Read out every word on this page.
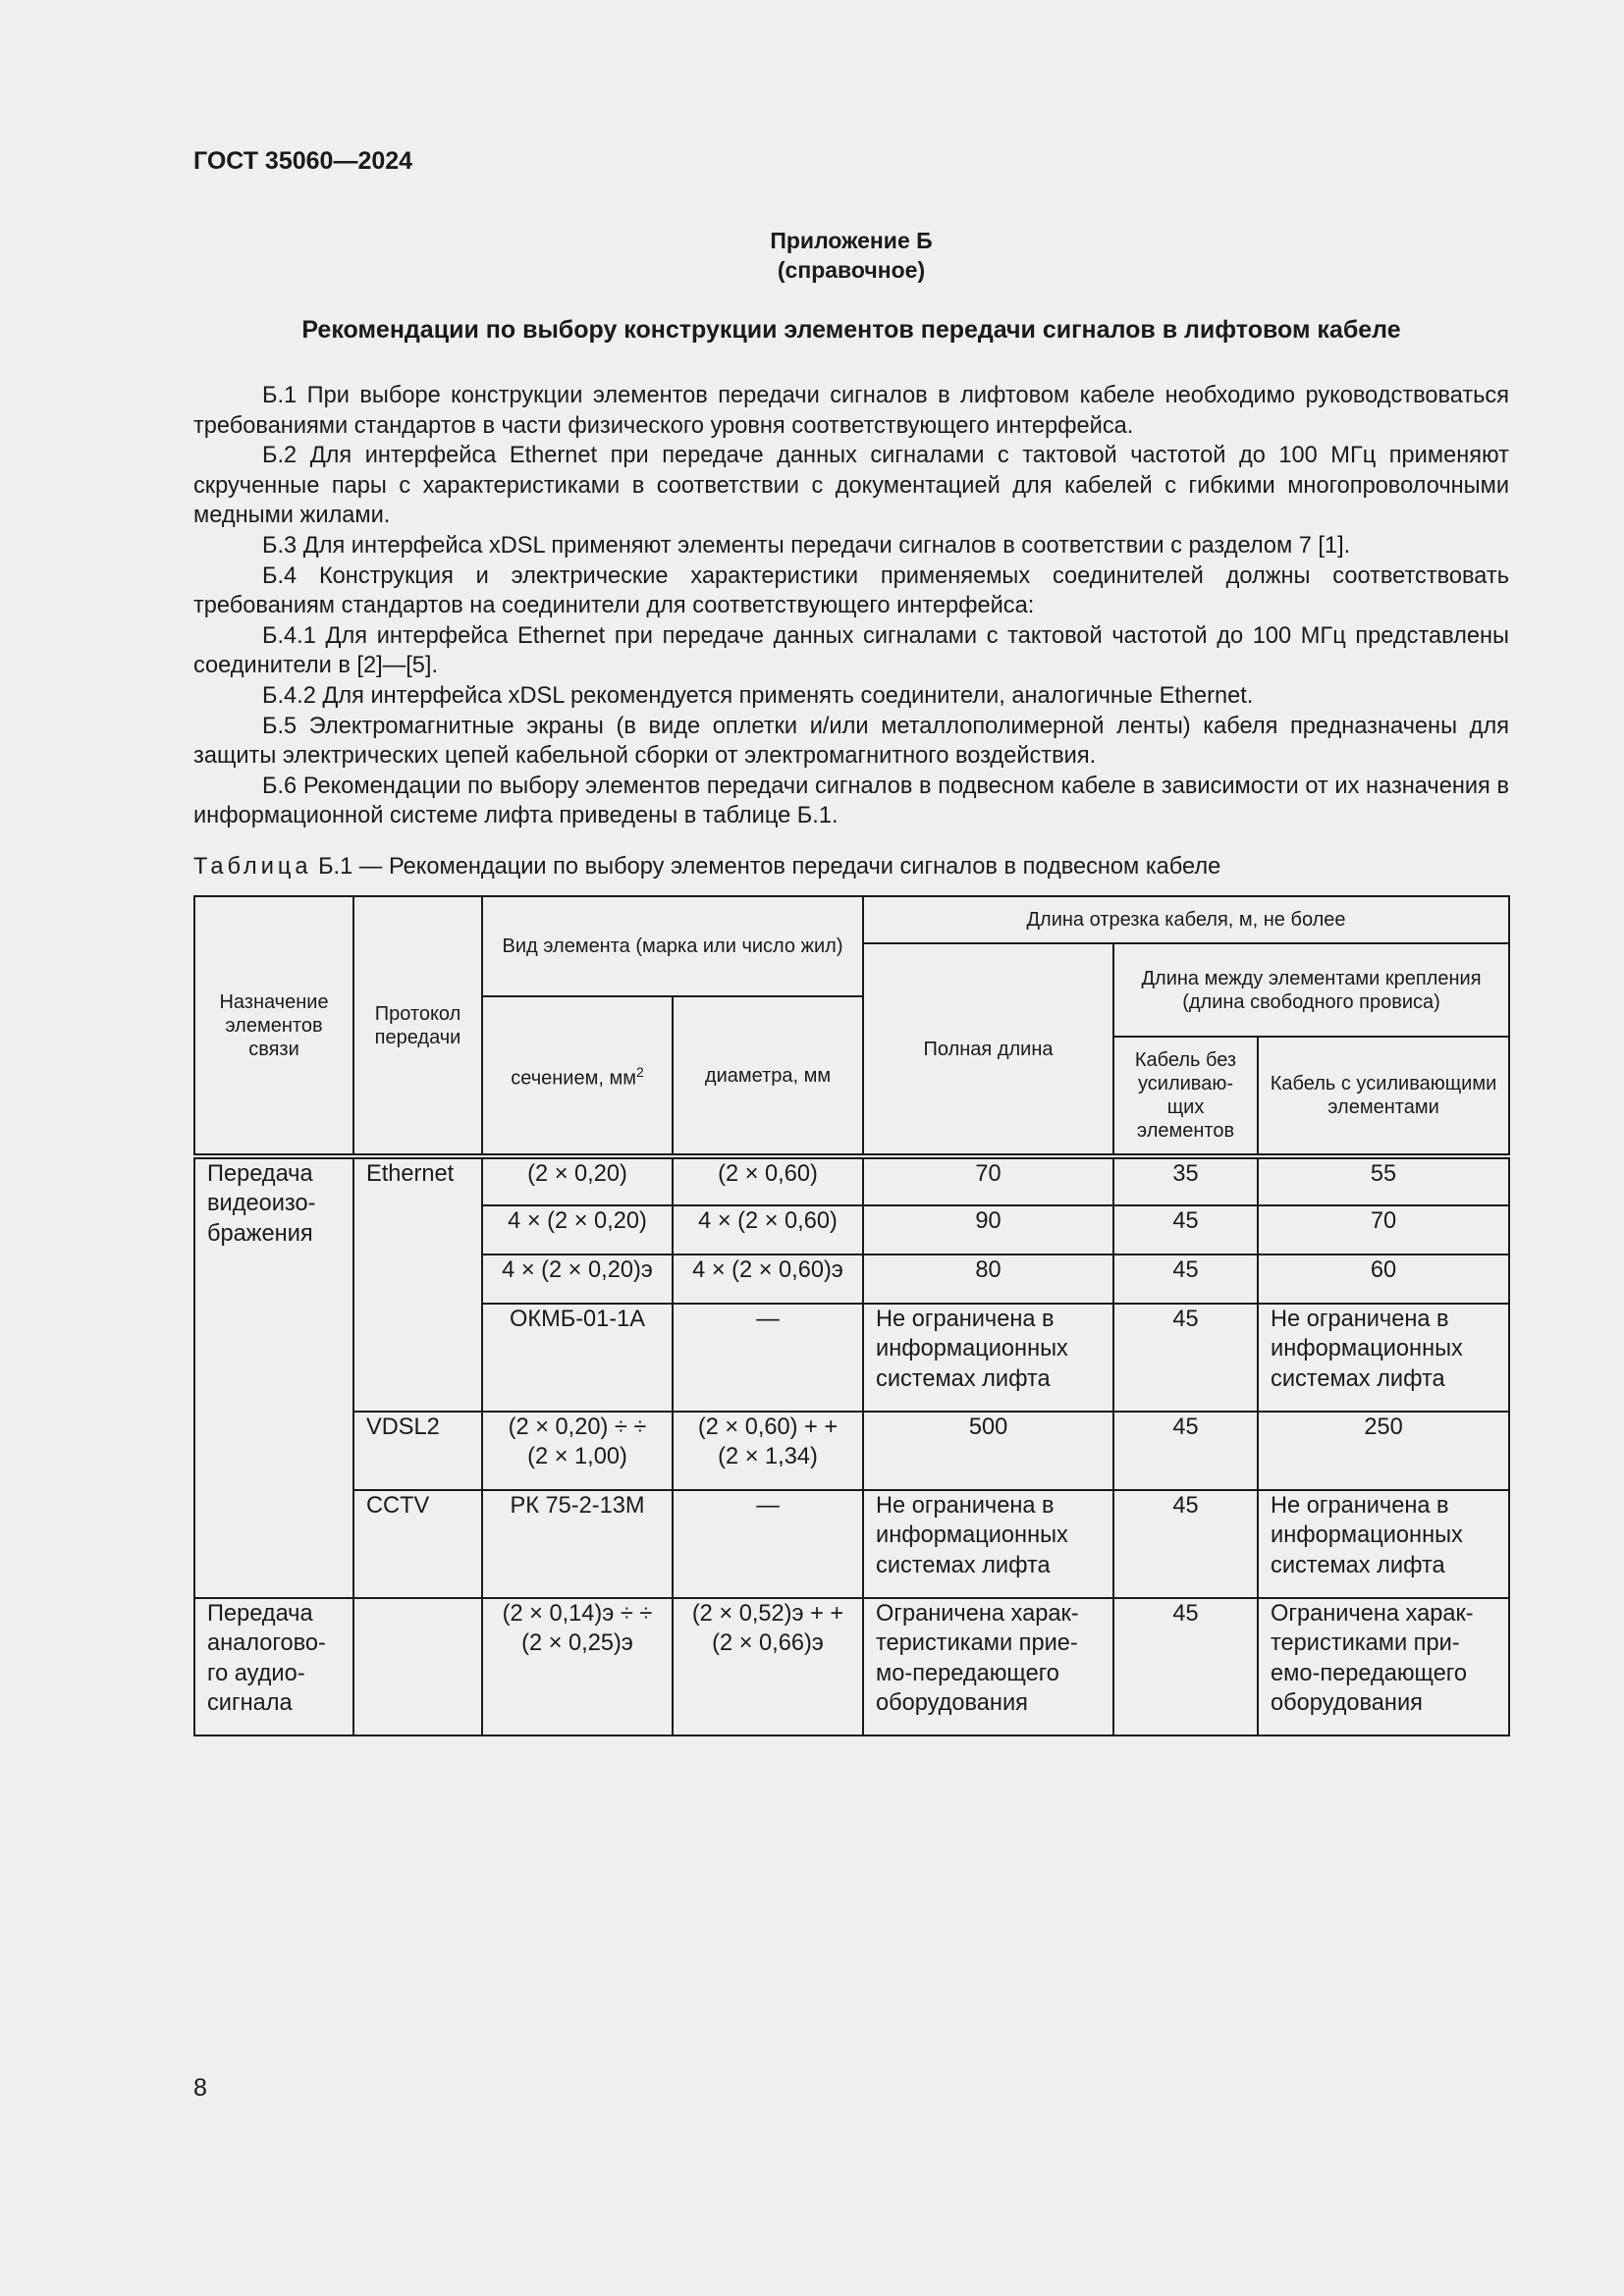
ГОСТ 35060—2024
Приложение Б
(справочное)
Рекомендации по выбору конструкции элементов передачи сигналов в лифтовом кабеле

Б.1 При выборе конструкции элементов передачи сигналов в лифтовом кабеле необходимо руководствоваться требованиями стандартов в части физического уровня соответствующего интерфейса.

Б.2 Для интерфейса Ethernet при передаче данных сигналами с тактовой частотой до 100 МГц применяют скрученные пары с характеристиками в соответствии с документацией для кабелей с гибкими многопроволочными медными жилами.

Б.3 Для интерфейса xDSL применяют элементы передачи сигналов в соответствии с разделом 7 [1].

Б.4 Конструкция и электрические характеристики применяемых соединителей должны соответствовать требованиям стандартов на соединители для соответствующего интерфейса:

Б.4.1 Для интерфейса Ethernet при передаче данных сигналами с тактовой частотой до 100 МГц представлены соединители в [2]—[5].

Б.4.2 Для интерфейса xDSL рекомендуется применять соединители, аналогичные Ethernet.

Б.5 Электромагнитные экраны (в виде оплетки и/или металлополимерной ленты) кабеля предназначены для защиты электрических цепей кабельной сборки от электромагнитного воздействия.

Б.6 Рекомендации по выбору элементов передачи сигналов в подвесном кабеле в зависимости от их назначения в информационной системе лифта приведены в таблице Б.1.

Таблица Б.1 — Рекомендации по выбору элементов передачи сигналов в подвесном кабеле
Назначение элементов связи	Протокол передачи	Вид элемента (марка или число жил)		Длина отрезка кабеля, м, не более		
				Полная длина	Длина между элементами крепления (длина свободного провиса)	
		сечением, $мм^2$	диаметра, мм			
					Кабель без усиливаю-щих элементов	Кабель с усиливающими элементами
Передача видеоизо-бражения	Ethernet	(2 × 0,20)	(2 × 0,60)	70	35	55
		4 × (2 × 0,20)	4 × (2 × 0,60)	90	45	70
		4 × (2 × 0,20)э	4 × (2 × 0,60)э	80	45	60
		ОКМБ-01-1А	—	Не ограничена в информационных системах лифта	45	Не ограничена в информационных системах лифта
	VDSL2	(2 × 0,20) ÷ ÷ (2 × 1,00)	(2 × 0,60) + + (2 × 1,34)	500	45	250
	CCTV	РК 75-2-13М	—	Не ограничена в информационных системах лифта	45	Не ограничена в информационных системах лифта
Передача аналогово-го аудио-сигнала		(2 × 0,14)э ÷ ÷ (2 × 0,25)э	(2 × 0,52)э + + (2 × 0,66)э	Ограничена харак-теристиками прие-мо-передающего оборудования	45	Ограничена харак-теристиками при-емо-передающего оборудования
8
